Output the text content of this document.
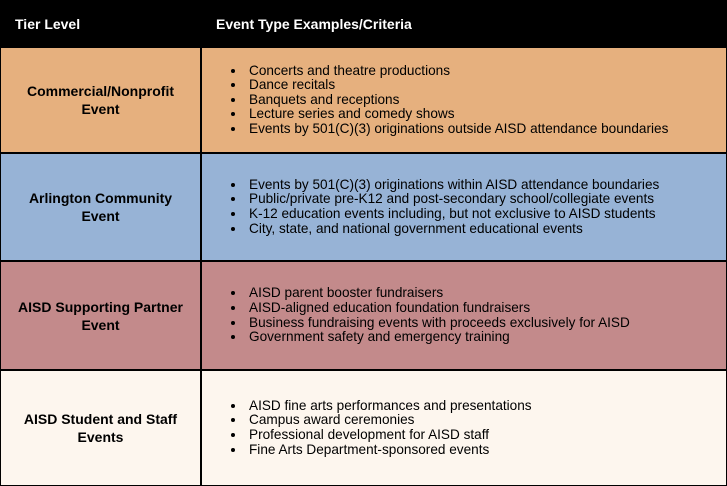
Tier Level	Event Type Examples/Criteria
Commercial/Nonprofit Event
• Concerts and theatre productions
• Dance recitals
• Banquets and receptions
• Lecture series and comedy shows
• Events by 501(C)(3) originations outside AISD attendance boundaries
Arlington Community Event
• Events by 501(C)(3) originations within AISD attendance boundaries
• Public/private pre-K12 and post-secondary school/collegiate events
• K-12 education events including, but not exclusive to AISD students
• City, state, and national government educational events
AISD Supporting Partner Event
• AISD parent booster fundraisers
• AISD-aligned education foundation fundraisers
• Business fundraising events with proceeds exclusively for AISD
• Government safety and emergency training
AISD Student and Staff Events
• AISD fine arts performances and presentations
• Campus award ceremonies
• Professional development for AISD staff
• Fine Arts Department-sponsored events
